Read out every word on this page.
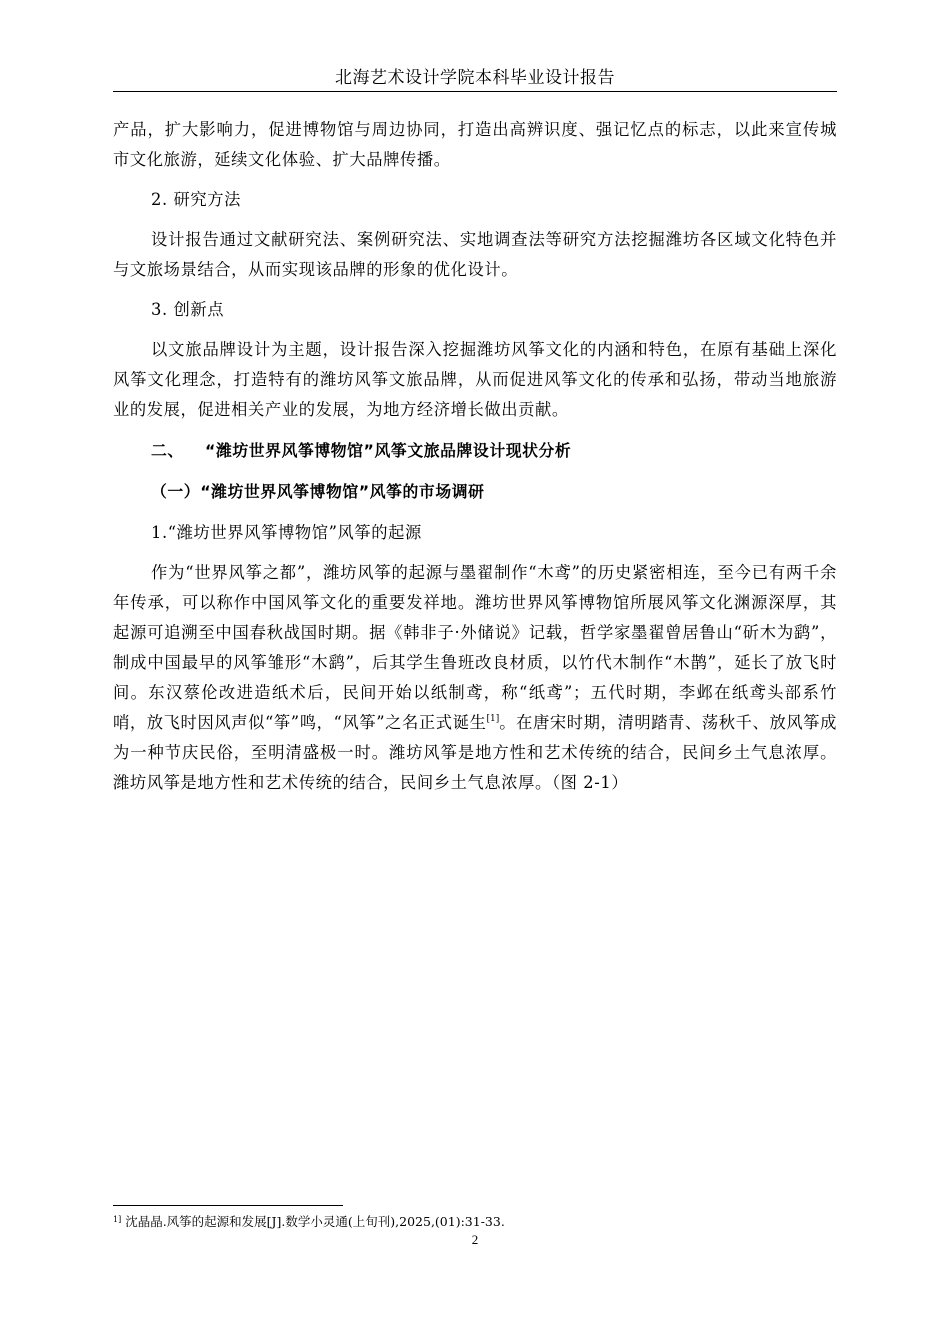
北海艺术设计学院本科毕业设计报告

产品，扩大影响力，促进博物馆与周边协同，打造出高辨识度、强记忆点的标志，以此来宣传城市文化旅游，延续文化体验、扩大品牌传播。

2. 研究方法

设计报告通过文献研究法、案例研究法、实地调查法等研究方法挖掘潍坊各区域文化特色并与文旅场景结合，从而实现该品牌的形象的优化设计。

3. 创新点

以文旅品牌设计为主题，设计报告深入挖掘潍坊风筝文化的内涵和特色，在原有基础上深化风筝文化理念，打造特有的潍坊风筝文旅品牌，从而促进风筝文化的传承和弘扬，带动当地旅游业的发展，促进相关产业的发展，为地方经济增长做出贡献。

二、 “潍坊世界风筝博物馆”风筝文旅品牌设计现状分析

（一）“潍坊世界风筝博物馆”风筝的市场调研

1.“潍坊世界风筝博物馆”风筝的起源

作为“世界风筝之都”，潍坊风筝的起源与墨翟制作“木鸢”的历史紧密相连，至今已有两千余年传承，可以称作中国风筝文化的重要发祥地。潍坊世界风筝博物馆所展风筝文化渊源深厚，其起源可追溯至中国春秋战国时期。据《韩非子·外储说》记载，哲学家墨翟曾居鲁山“斫木为鹞”，制成中国最早的风筝雏形“木鹞”，后其学生鲁班改良材质，以竹代木制作“木鹊”，延长了放飞时间。东汉蔡伦改进造纸术后，民间开始以纸制鸢，称“纸鸢”；五代时期，李邺在纸鸢头部系竹哨，放飞时因风声似“筝”鸣，“风筝”之名正式诞生[1]。在唐宋时期，清明踏青、荡秋千、放风筝成为一种节庆民俗，至明清盛极一时。潍坊风筝是地方性和艺术传统的结合，民间乡土气息浓厚。潍坊风筝是地方性和艺术传统的结合，民间乡土气息浓厚。（图 2-1）

$^{1]}$ 沈晶晶.风筝的起源和发展[J].数学小灵通(上旬刊),2025,(01):31-33.
2
